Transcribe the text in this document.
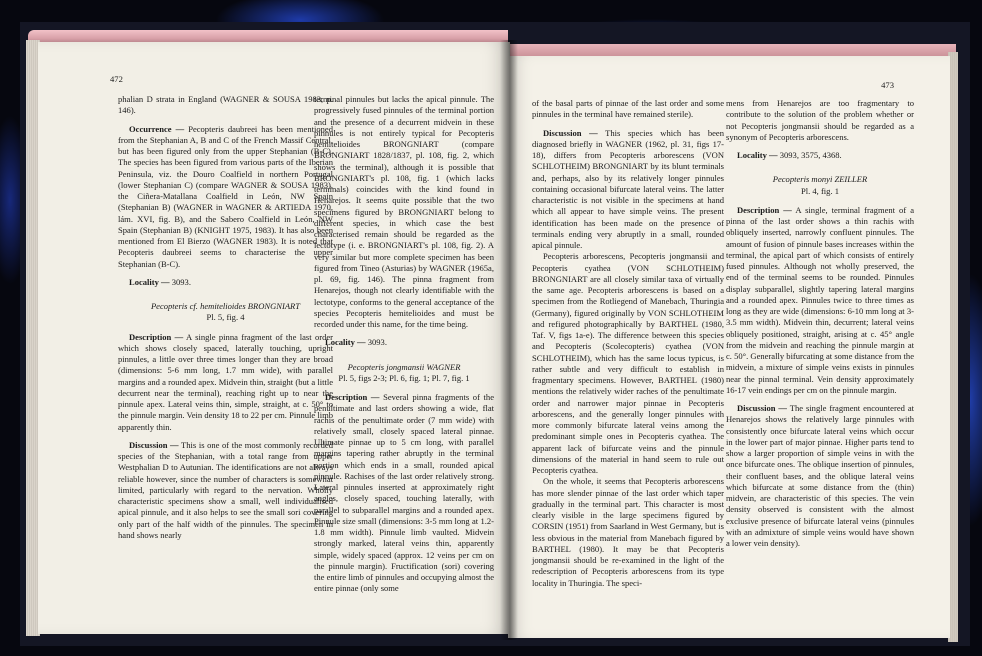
472

phalian D strata in England (WAGNER & SOUSA 1983, p. 146).

Occurrence — Pecopteris daubreei has been mentioned from the Stephanian A, B and C of the French Massif Central, but has been figured only from the upper Stephanian (B-C). The species has been figured from various parts of the Iberian Peninsula, viz. the Douro Coalfield in northern Portugal (lower Stephanian C) (compare WAGNER & SOUSA 1983), the Ciñera-Matallana Coalfield in León, NW Spain (Stephanian B) (WAGNER in WAGNER & ARTIEDA 1970, lám. XVI, fig. B), and the Sabero Coalfield in León, NW Spain (Stephanian B) (KNIGHT 1975, 1983). It has also been mentioned from El Bierzo (WAGNER 1983). It is noted that Pecopteris daubreei seems to characterise the upper Stephanian (B-C).

Locality — 3093.

Pecopteris cf. hemitelioides BRONGNIART

Pl. 5, fig. 4

Description — A single pinna fragment of the last order which shows closely spaced, laterally touching, upright pinnules, a little over three times longer than they are broad (dimensions: 5-6 mm long, 1.7 mm wide), with parallel margins and a rounded apex. Midvein thin, straight (but a little decurrent near the terminal), reaching right up to near the pinnule apex. Lateral veins thin, simple, straight, at c. 50° to the pinnule margin. Vein density 18 to 22 per cm. Pinnule limb apparently thin.

Discussion — This is one of the most commonly recorded species of the Stephanian, with a total range from upper Westphalian D to Autunian. The identifications are not always reliable however, since the number of characters is somewhat limited, particularly with regard to the nervation. Wholly characteristic specimens show a small, well individualised apical pinnule, and it also helps to see the small sori covering only part of the half width of the pinnules. The specimen in hand shows nearly

terminal pinnules but lacks the apical pinnule. The progressively fused pinnules of the terminal portion and the presence of a decurrent midvein in these pinnules is not entirely typical for Pecopteris hemitelioides BRONGNIART (compare BRONGNIART 1828/1837, pl. 108, fig. 2, which shows the terminal), although it is possible that BRONGNIART's pl. 108, fig. 1 (which lacks terminals) coincides with the kind found in Henarejos. It seems quite possible that the two specimens figured by BRONGNIART belong to different species, in which case the best characterised remain should be regarded as the lectotype (i. e. BRONGNIART's pl. 108, fig. 2). A very similar but more complete specimen has been figured from Tineo (Asturias) by WAGNER (1965a, pl. 69, fig. 146). The pinna fragment from Henarejos, though not clearly identifiable with the lectotype, conforms to the general acceptance of the species Pecopteris hemitelioides and must be recorded under this name, for the time being.

Locality — 3093.

Pecopteris jongmansii WAGNER

Pl. 5, figs 2-3; Pl. 6, fig. 1; Pl. 7, fig. 1

Description — Several pinna fragments of the penultimate and last orders showing a wide, flat rachis of the penultimate order (7 mm wide) with relatively small, closely spaced lateral pinnae. Ultimate pinnae up to 5 cm long, with parallel margins tapering rather abruptly in the terminal portion which ends in a small, rounded apical pinnule. Rachises of the last order relatively strong. Lateral pinnules inserted at approximately right angles, closely spaced, touching laterally, with parallel to subparallel margins and a rounded apex. Pinnule size small (dimensions: 3-5 mm long at 1.2-1.8 mm width). Pinnule limb vaulted. Midvein strongly marked, lateral veins thin, apparently simple, widely spaced (approx. 12 veins per cm on the pinnule margin). Fructification (sori) covering the entire limb of pinnules and occupying almost the entire pinnae (only some

473

of the basal parts of pinnae of the last order and some pinnules in the terminal have remained sterile).

Discussion — This species which has been diagnosed briefly in WAGNER (1962, pl. 31, figs 17-18), differs from Pecopteris arborescens (VON SCHLOTHEIM) BRONGNIART by its blunt terminals and, perhaps, also by its relatively longer pinnules containing occasional bifurcate lateral veins. The latter characteristic is not visible in the specimens at hand which all appear to have simple veins. The present identification has been made on the presence of terminals ending very abruptly in a small, rounded apical pinnule.

Pecopteris arborescens, Pecopteris jongmansii and Pecopteris cyathea (VON SCHLOTHEIM) BRONGNIART are all closely similar taxa of virtually the same age. Pecopteris arborescens is based on a specimen from the Rotliegend of Manebach, Thuringia (Germany), figured originally by VON SCHLOTHEIM and refigured photographically by BARTHEL (1980, Taf. V, figs 1a-e). The difference between this species and Pecopteris (Scolecopteris) cyathea (VON SCHLOTHEIM), which has the same locus typicus, is rather subtle and very difficult to establish in fragmentary specimens. However, BARTHEL (1980) mentions the relatively wider raches of the penultimate order and narrower major pinnae in Pecopteris arborescens, and the generally longer pinnules with more commonly bifurcate lateral veins among the predominant simple ones in Pecopteris cyathea. The apparent lack of bifurcate veins and the pinnule dimensions of the material in hand seem to rule out Pecopteris cyathea.

On the whole, it seems that Pecopteris arborescens has more slender pinnae of the last order which taper gradually in the terminal part. This character is most clearly visible in the large specimens figured by CORSIN (1951) from Saarland in West Germany, but is less obvious in the material from Manebach figured by BARTHEL (1980). It may be that Pecopteris jongmansii should be re-examined in the light of the redescription of Pecopteris arborescens from its type locality in Thuringia. The speci-

mens from Henarejos are too fragmentary to contribute to the solution of the problem whether or not Pecopteris jongmansii should be regarded as a synonym of Pecopteris arborescens.

Locality — 3093, 3575, 4368.

Pecopteris monyi ZEILLER

Pl. 4, fig. 1

Description — A single, terminal fragment of a pinna of the last order shows a thin rachis with obliquely inserted, narrowly confluent pinnules. The amount of fusion of pinnule bases increases within the terminal, the apical part of which consists of entirely fused pinnules. Although not wholly preserved, the end of the terminal seems to be rounded. Pinnules display subparallel, slightly tapering lateral margins and a rounded apex. Pinnules twice to three times as long as they are wide (dimensions: 6-10 mm long at 3-3.5 mm width). Midvein thin, decurrent; lateral veins obliquely positioned, straight, arising at c. 45° angle from the midvein and reaching the pinnule margin at c. 50°. Generally bifurcating at some distance from the midvein, a mixture of simple veins exists in pinnules near the pinnal terminal. Vein density approximately 16-17 vein endings per cm on the pinnule margin.

Discussion — The single fragment encountered at Henarejos shows the relatively large pinnules with consistently once bifurcate lateral veins which occur in the lower part of major pinnae. Higher parts tend to show a larger proportion of simple veins in with the once bifurcate ones. The oblique insertion of pinnules, their confluent bases, and the oblique lateral veins which bifurcate at some distance from the (thin) midvein, are characteristic of this species. The vein density observed is consistent with the almost exclusive presence of bifurcate lateral veins (pinnules with an admixture of simple veins would have shown a lower vein density).
